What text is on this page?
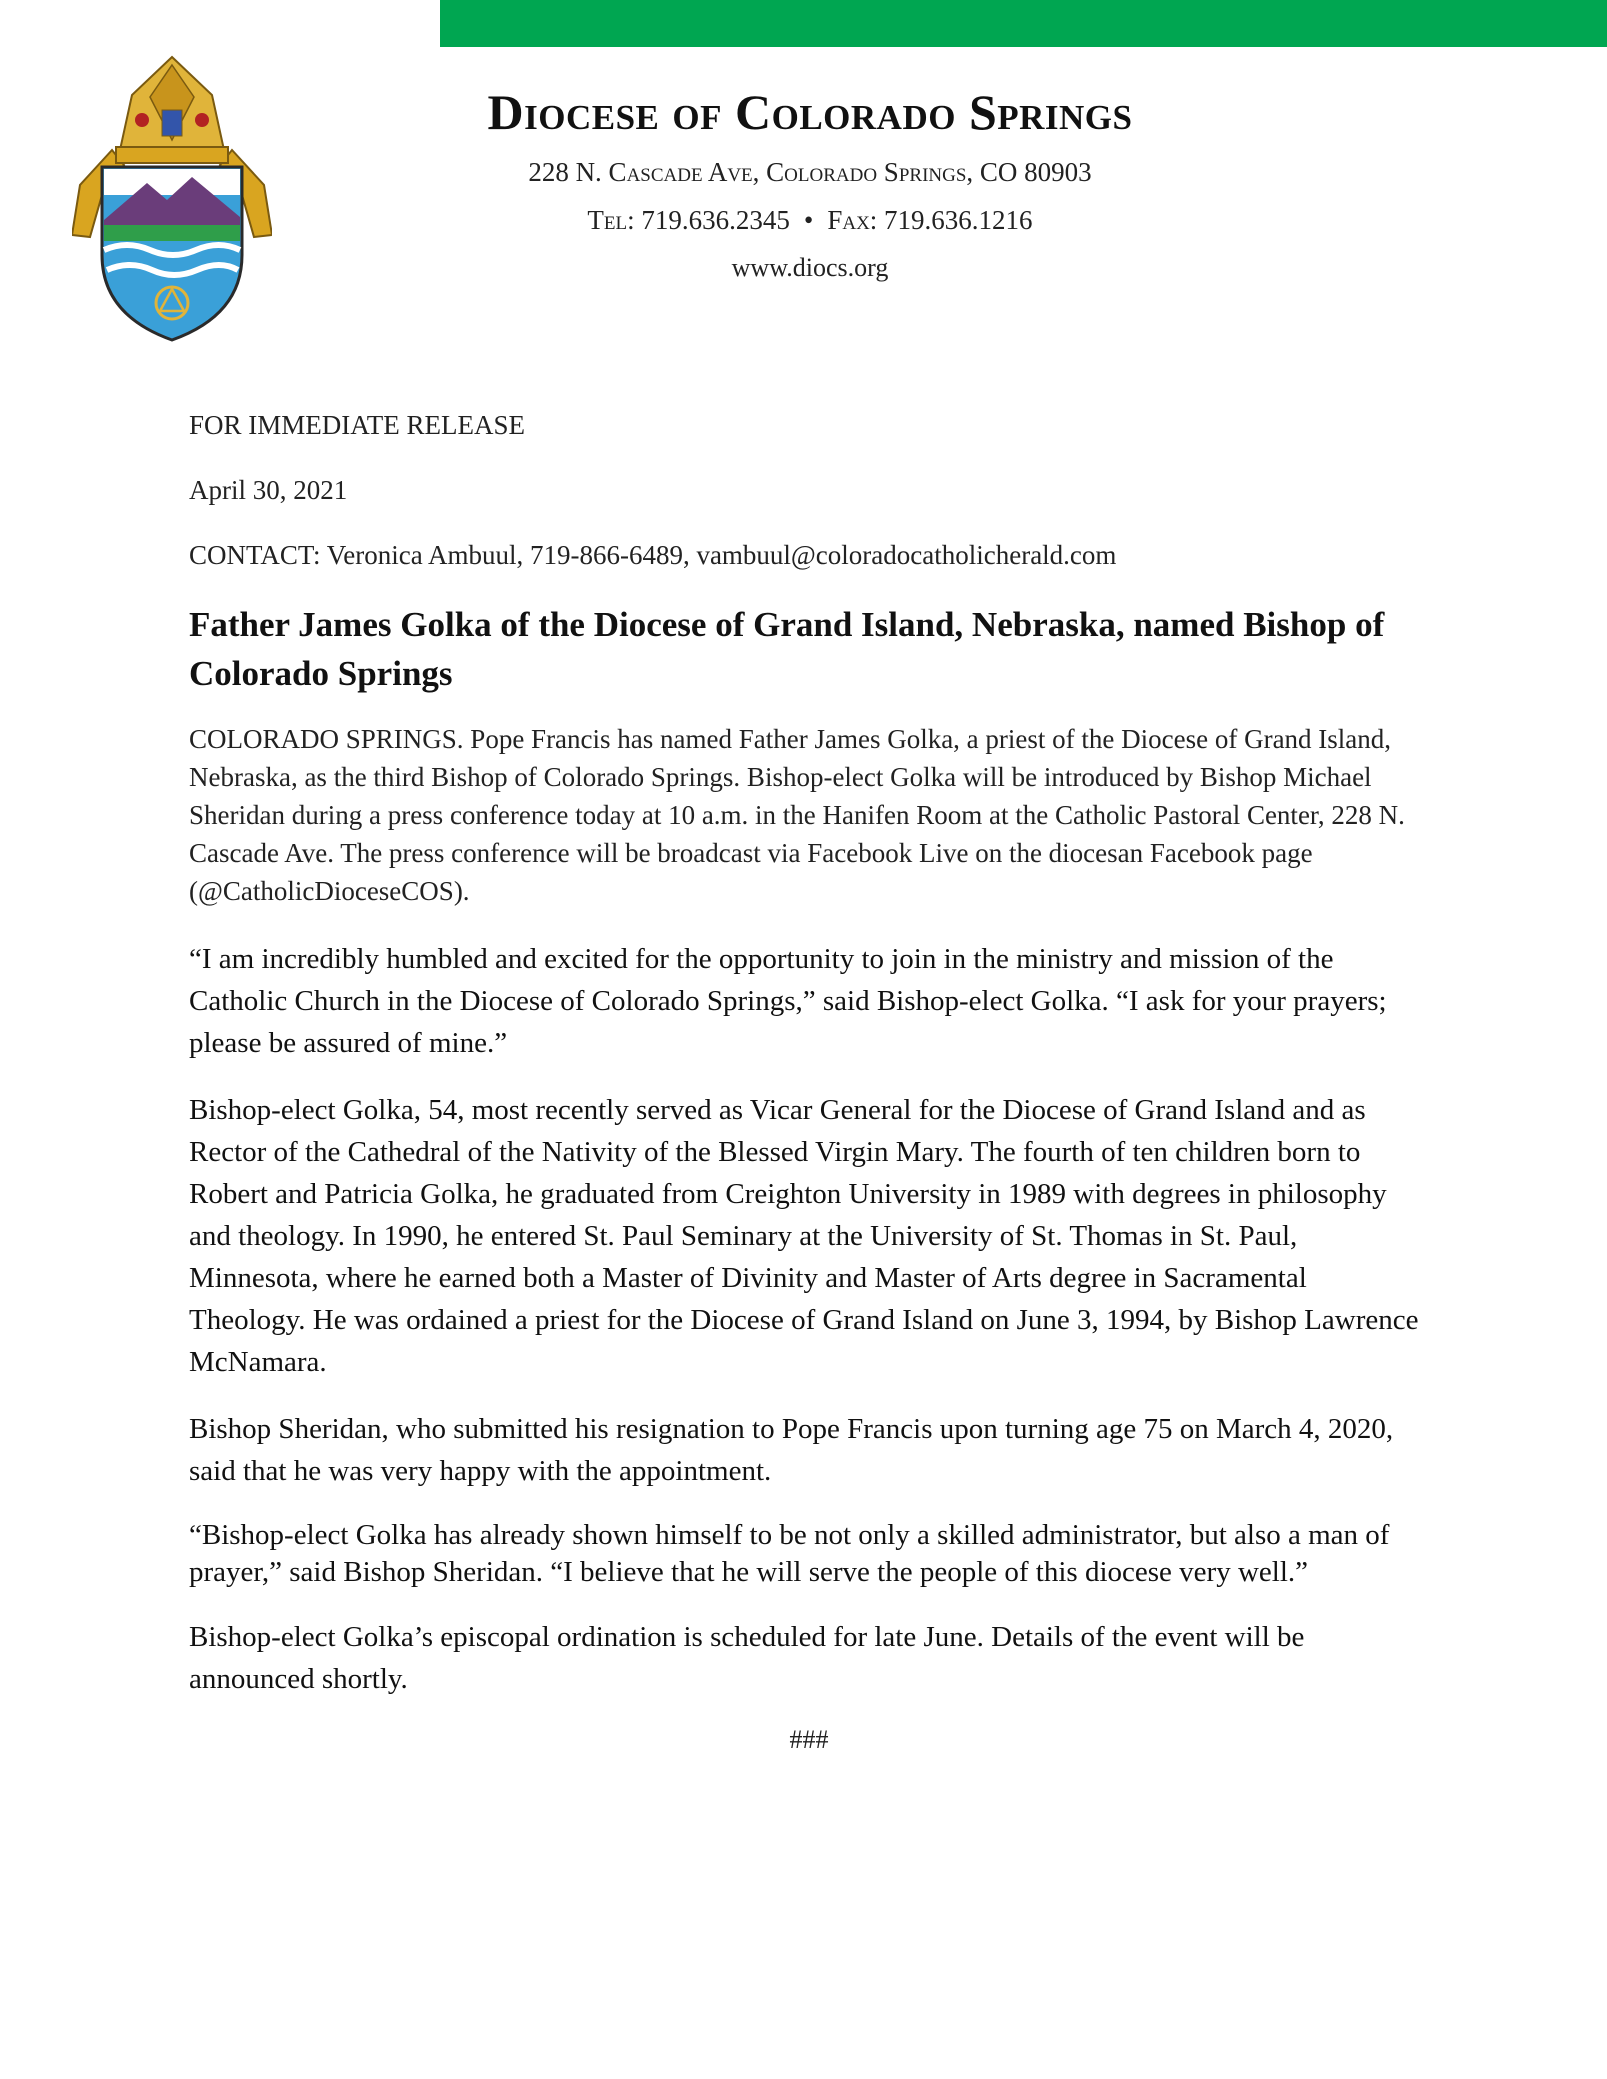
Diocese of Colorado Springs
228 N. Cascade Ave, Colorado Springs, CO 80903
Tel: 719.636.2345 • Fax: 719.636.1216
www.diocs.org

FOR IMMEDIATE RELEASE

April 30, 2021

CONTACT: Veronica Ambuul, 719-866-6489, vambuul@coloradocatholicherald.com

Father James Golka of the Diocese of Grand Island, Nebraska, named Bishop of Colorado Springs

COLORADO SPRINGS. Pope Francis has named Father James Golka, a priest of the Diocese of Grand Island, Nebraska, as the third Bishop of Colorado Springs. Bishop-elect Golka will be introduced by Bishop Michael Sheridan during a press conference today at 10 a.m. in the Hanifen Room at the Catholic Pastoral Center, 228 N. Cascade Ave. The press conference will be broadcast via Facebook Live on the diocesan Facebook page (@CatholicDioceseCOS).

“I am incredibly humbled and excited for the opportunity to join in the ministry and mission of the Catholic Church in the Diocese of Colorado Springs,” said Bishop-elect Golka. “I ask for your prayers; please be assured of mine.”

Bishop-elect Golka, 54, most recently served as Vicar General for the Diocese of Grand Island and as Rector of the Cathedral of the Nativity of the Blessed Virgin Mary. The fourth of ten children born to Robert and Patricia Golka, he graduated from Creighton University in 1989 with degrees in philosophy and theology. In 1990, he entered St. Paul Seminary at the University of St. Thomas in St. Paul, Minnesota, where he earned both a Master of Divinity and Master of Arts degree in Sacramental Theology. He was ordained a priest for the Diocese of Grand Island on June 3, 1994, by Bishop Lawrence McNamara.

Bishop Sheridan, who submitted his resignation to Pope Francis upon turning age 75 on March 4, 2020, said that he was very happy with the appointment.

“Bishop-elect Golka has already shown himself to be not only a skilled administrator, but also a man of prayer,” said Bishop Sheridan. “I believe that he will serve the people of this diocese very well.”

Bishop-elect Golka’s episcopal ordination is scheduled for late June. Details of the event will be announced shortly.

###
